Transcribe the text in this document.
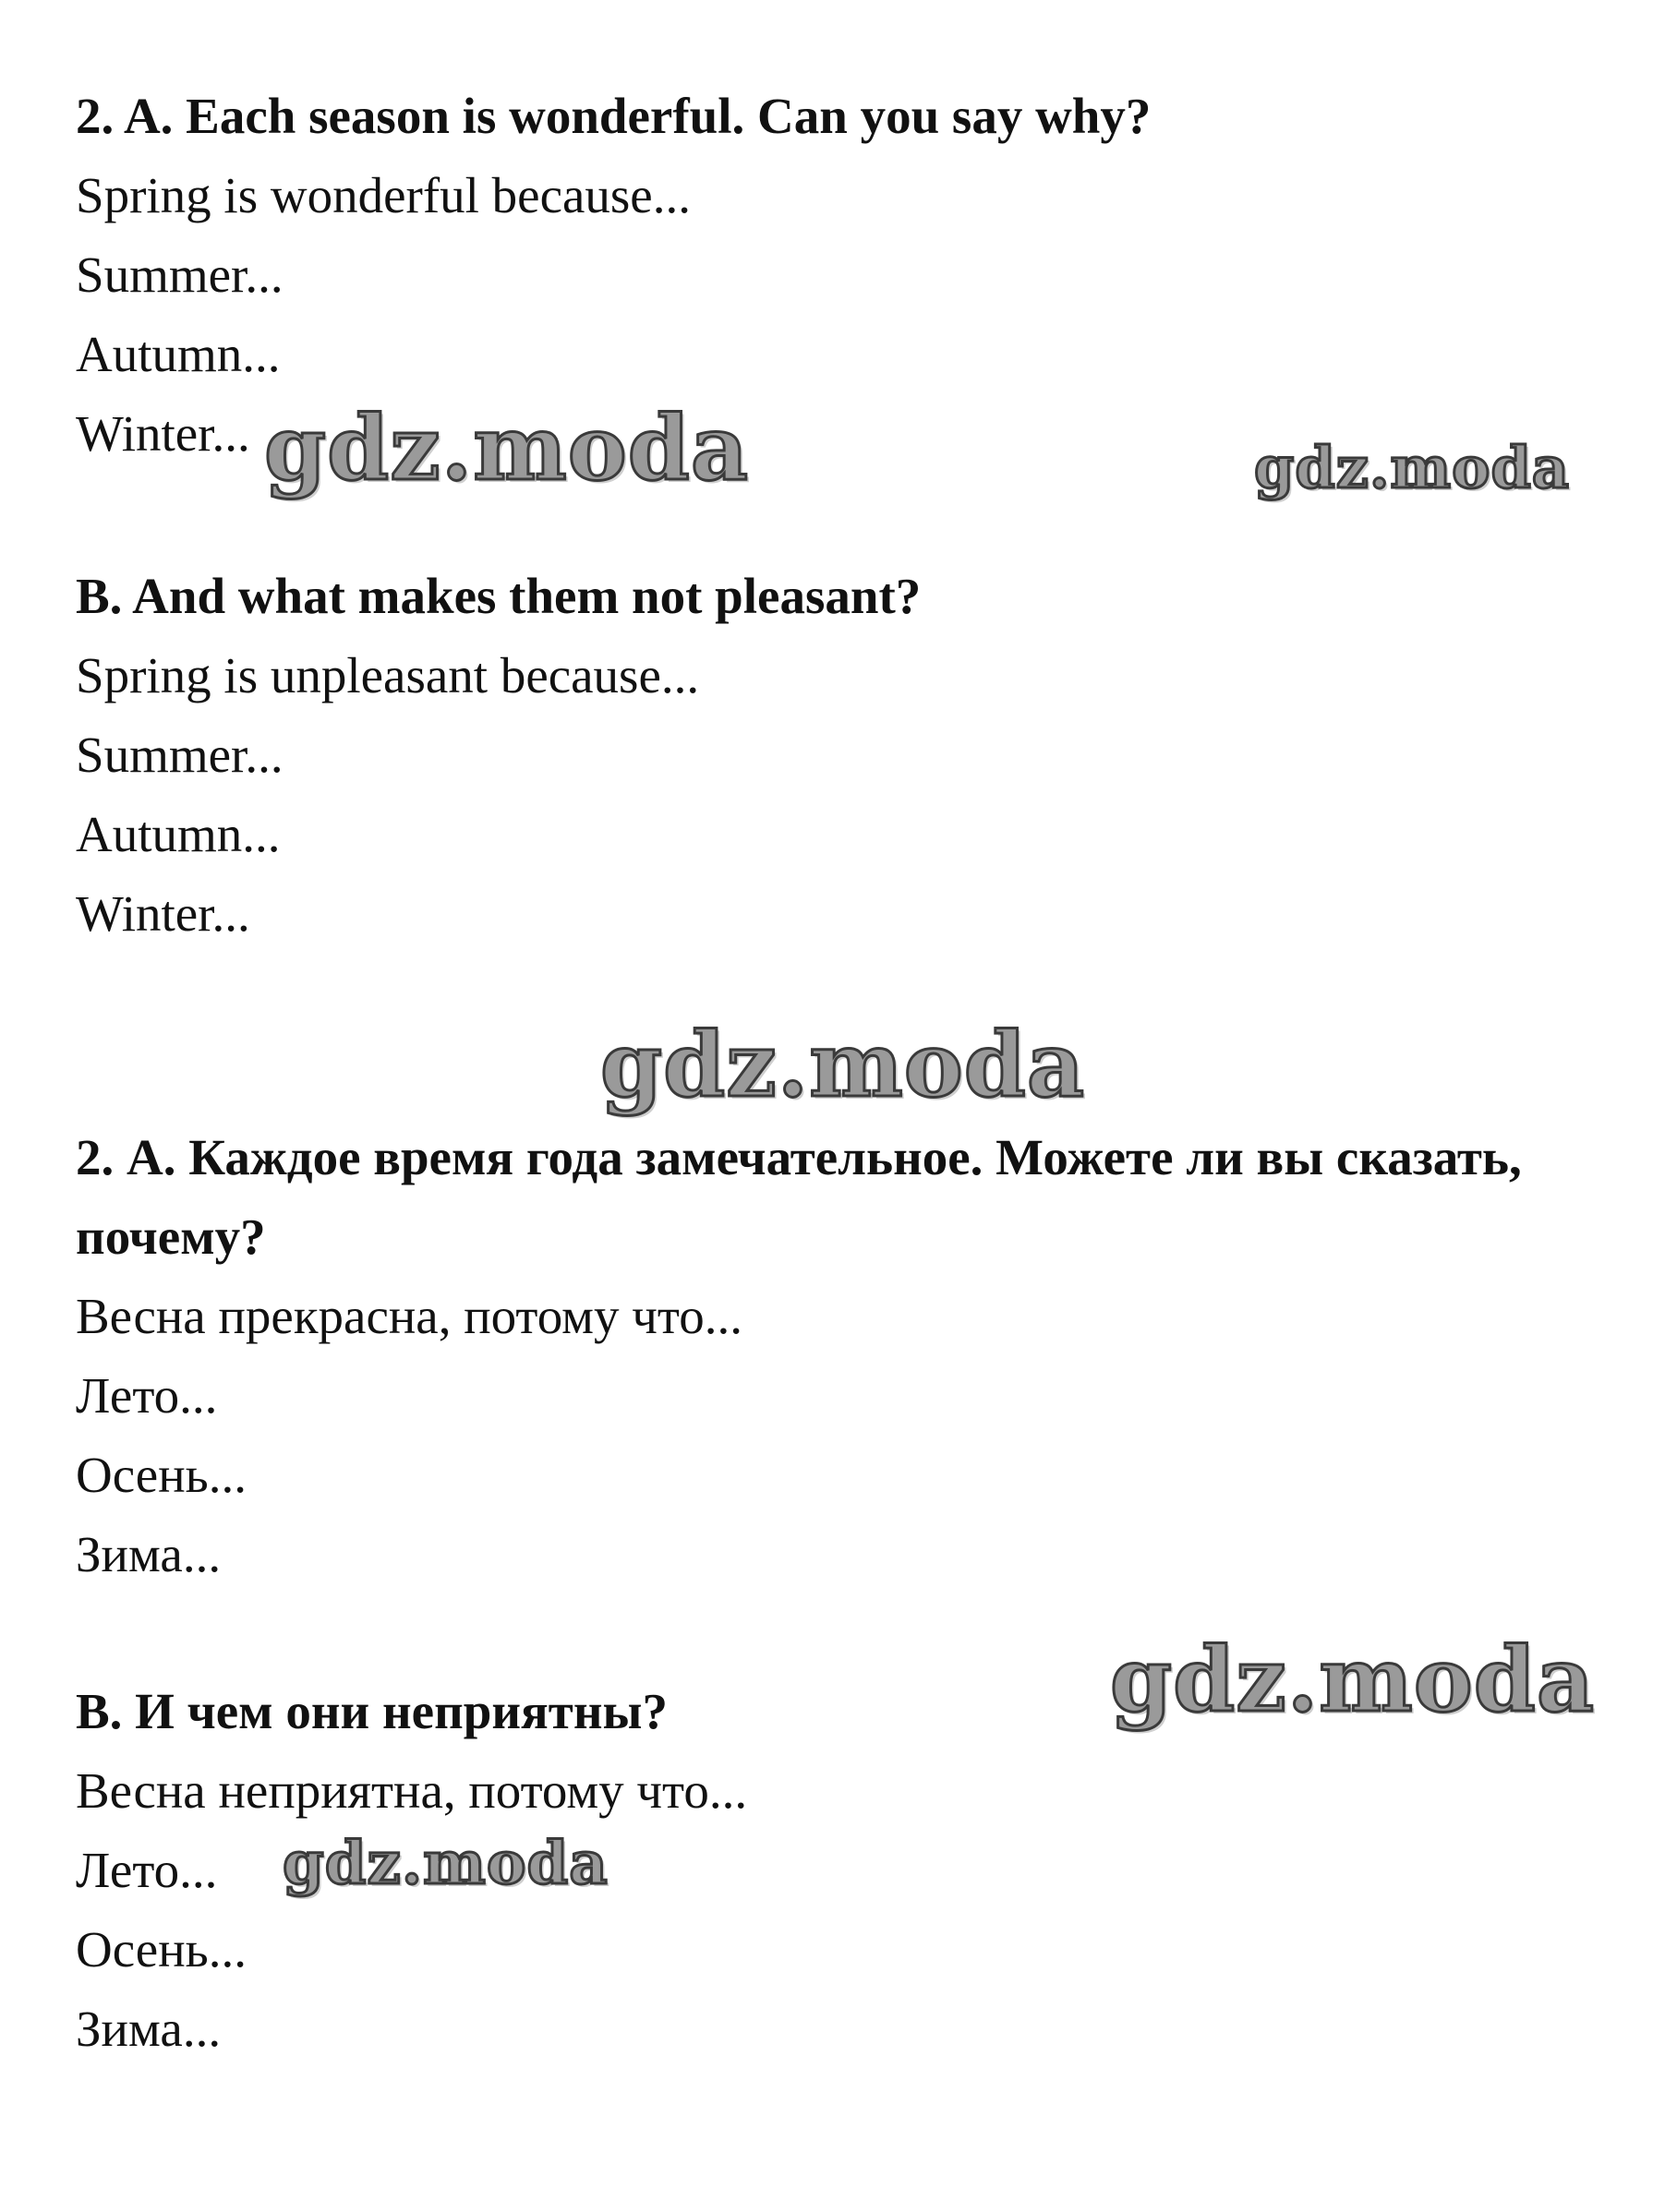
2. A. Each season is wonderful. Can you say why?
Spring is wonderful because...
Summer...
Autumn...
Winter...
B. And what makes them not pleasant?
Spring is unpleasant because...
Summer...
Autumn...
Winter...
2. А. Каждое время года замечательное. Можете ли вы сказать,
почему?
Весна прекрасна, потому что...
Лето...
Осень...
Зима...
В. И чем они неприятны?
Весна неприятна, потому что...
Лето...
Осень...
Зима...
gdz.moda	gdz.moda
gdz.moda
gdz.moda
gdz.moda
